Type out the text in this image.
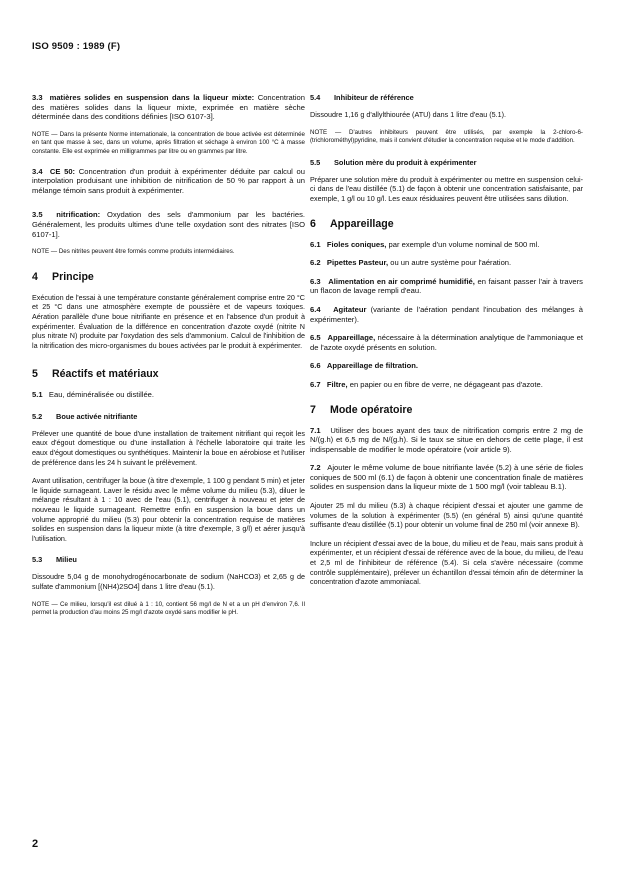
ISO 9509 : 1989 (F)

3.3 matières solides en suspension dans la liqueur mixte: Concentration des matières solides dans la liqueur mixte, exprimée en matière sèche déterminée dans des conditions définies [ISO 6107-3].

NOTE — Dans la présente Norme internationale, la concentration de boue activée est déterminée en tant que masse à sec, dans un volume, après filtration et séchage à environ 100 °C à masse constante. Elle est exprimée en milligrammes par litre ou en grammes par litre.

3.4 CE 50: Concentration d'un produit à expérimenter déduite par calcul ou interpolation produisant une inhibition de nitrification de 50 % par rapport à un mélange témoin sans produit à expérimenter.

3.5 nitrification: Oxydation des sels d'ammonium par les bactéries. Généralement, les produits ultimes d'une telle oxydation sont des nitrates [ISO 6107-1].

NOTE — Des nitrites peuvent être formés comme produits intermédiaires.

4 Principe

Exécution de l'essai à une température constante généralement comprise entre 20 °C et 25 °C dans une atmosphère exempte de poussière et de vapeurs toxiques. Aération parallèle d'une boue nitrifiante en présence et en l'absence d'un produit à expérimenter. Évaluation de la différence en concentration d'azote oxydé (nitrite N plus nitrate N) produite par l'oxydation des sels d'ammonium. Calcul de l'inhibition de la nitrification des micro-organismes du boues activées par le produit à expérimenter.

5 Réactifs et matériaux

5.1 Eau, déminéralisée ou distillée.

5.2 Boue activée nitrifiante

Prélever une quantité de boue d'une installation de traitement nitrifiant qui reçoit les eaux d'égout domestique ou d'une installation à l'échelle laboratoire qui traite les eaux d'égout domestiques ou synthétiques. Maintenir la boue en aérobiose et l'utiliser de préférence dans les 24 h suivant le prélèvement.

Avant utilisation, centrifuger la boue (à titre d'exemple, 1 100 g pendant 5 min) et jeter le liquide surnageant. Laver le résidu avec le même volume du milieu (5.3), diluer le mélange résultant à 1 : 10 avec de l'eau (5.1), centrifuger à nouveau et jeter de nouveau le liquide surnageant. Remettre enfin en suspension la boue dans un volume approprié du milieu (5.3) pour obtenir la concentration requise de matières solides en suspension dans la liqueur mixte (à titre d'exemple, 3 g/l) et aérer jusqu'à l'utilisation.

5.3 Milieu

Dissoudre 5,04 g de monohydrogénocarbonate de sodium (NaHCO3) et 2,65 g de sulfate d'ammonium [(NH4)2SO4] dans 1 litre d'eau (5.1).

NOTE — Ce milieu, lorsqu'il est dilué à 1 : 10, contient 56 mg/l de N et a un pH d'environ 7,6. Il permet la production d'au moins 25 mg/l d'azote oxydé sans modifier le pH.

5.4 Inhibiteur de référence

Dissoudre 1,16 g d'allylthiourée (ATU) dans 1 litre d'eau (5.1).

NOTE — D'autres inhibiteurs peuvent être utilisés, par exemple la 2-chloro-6-(trichlorométhyl)pyridine, mais il convient d'étudier la concentration requise et le mode d'addition.

5.5 Solution mère du produit à expérimenter

Préparer une solution mère du produit à expérimenter ou mettre en suspension celui-ci dans de l'eau distillée (5.1) de façon à obtenir une concentration satisfaisante, par exemple, 1 g/l ou 10 g/l. Les eaux résiduaires peuvent être utilisées sans dilution.

6 Appareillage

6.1 Fioles coniques, par exemple d'un volume nominal de 500 ml.

6.2 Pipettes Pasteur, ou un autre système pour l'aération.

6.3 Alimentation en air comprimé humidifié, en faisant passer l'air à travers un flacon de lavage rempli d'eau.

6.4 Agitateur (variante de l'aération pendant l'incubation des mélanges à expérimenter).

6.5 Appareillage, nécessaire à la détermination analytique de l'ammoniaque et de l'azote oxydé présents en solution.

6.6 Appareillage de filtration.

6.7 Filtre, en papier ou en fibre de verre, ne dégageant pas d'azote.

7 Mode opératoire

7.1 Utiliser des boues ayant des taux de nitrification compris entre 2 mg de N/(g.h) et 6,5 mg de N/(g.h). Si le taux se situe en dehors de cette plage, il est indispensable de modifier le mode opératoire (voir article 9).

7.2 Ajouter le même volume de boue nitrifiante lavée (5.2) à une série de fioles coniques de 500 ml (6.1) de façon à obtenir une concentration finale de matières solides en suspension dans la liqueur mixte de 1 500 mg/l (voir tableau B.1).

Ajouter 25 ml du milieu (5.3) à chaque récipient d'essai et ajouter une gamme de volumes de la solution à expérimenter (5.5) (en général 5) ainsi qu'une quantité suffisante d'eau distillée (5.1) pour obtenir un volume final de 250 ml (voir annexe B).

Inclure un récipient d'essai avec de la boue, du milieu et de l'eau, mais sans produit à expérimenter, et un récipient d'essai de référence avec de la boue, du milieu, de l'eau et 2,5 ml de l'inhibiteur de référence (5.4). Si cela s'avère nécessaire (comme contrôle supplémentaire), prélever un échantillon d'essai témoin afin de déterminer la concentration d'azote ammoniacal.

2
